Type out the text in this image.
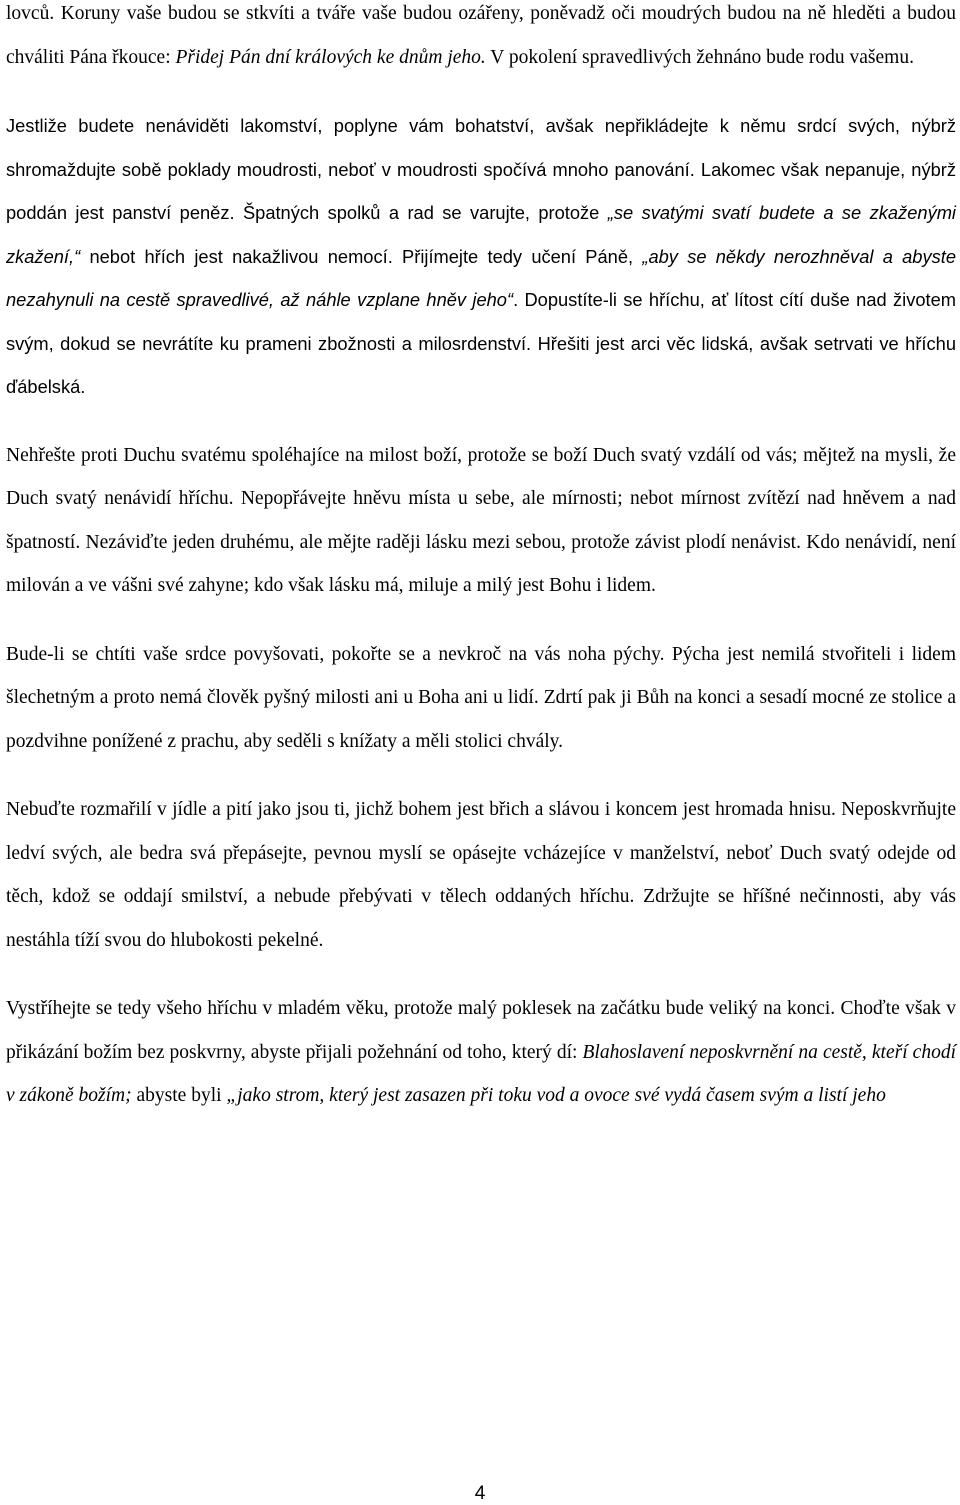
lovců. Koruny vaše budou se stkvíti a tváře vaše budou ozářeny, poněvadž oči moudrých budou na ně hleděti a budou chváliti Pána řkouce: Přidej Pán dní králových ke dnům jeho. V pokolení spravedlivých žehnáno bude rodu vašemu.

Jestliže budete nenáviděti lakomství, poplyne vám bohatství, avšak nepřikládejte k němu srdcí svých, nýbrž shromaždujte sobě poklady moudrosti, neboť v moudrosti spočívá mnoho panování. Lakomec však nepanuje, nýbrž poddán jest panství peněz. Špatných spolků a rad se varujte, protože „se svatými svatí budete a se zkaženými zkažení,“ nebot hřích jest nakažlivou nemocí. Přijímejte tedy učení Páně, „aby se někdy nerozhněval a abyste nezahynuli na cestě spravedlivé, až náhle vzplane hněv jeho“. Dopustíte-li se hříchu, ať lítost cítí duše nad životem svým, dokud se nevrátíte ku prameni zbožnosti a milosrdenství. Hřešiti jest arci věc lidská, avšak setrvati ve hříchu ďábelská.

Nehřešte proti Duchu svatému spoléhajíce na milost boží, protože se boží Duch svatý vzdálí od vás; mějtež na mysli, že Duch svatý nenávidí hříchu. Nepopřávejte hněvu místa u sebe, ale mírnosti; nebot mírnost zvítězí nad hněvem a nad špatností. Nezáviďte jeden druhému, ale mějte raději lásku mezi sebou, protože závist plodí nenávist. Kdo nenávidí, není milován a ve vášni své zahyne; kdo však lásku má, miluje a milý jest Bohu i lidem.

Bude-li se chtíti vaše srdce povyšovati, pokořte se a nevkroč na vás noha pýchy. Pýcha jest nemilá stvořiteli i lidem šlechetným a proto nemá člověk pyšný milosti ani u Boha ani u lidí. Zdrtí pak ji Bůh na konci a sesadí mocné ze stolice a pozdvihne ponížené z prachu, aby seděli s knížaty a měli stolici chvály.

Nebuďte rozmařilí v jídle a pití jako jsou ti, jichž bohem jest břich a slávou i koncem jest hromada hnisu. Neposkvrňujte ledví svých, ale bedra svá přepásejte, pevnou myslí se opásejte vcházejíce v manželství, neboť Duch svatý odejde od těch, kdož se oddají smilství, a nebude přebývati v tělech oddaných hříchu. Zdržujte se hříšné nečinnosti, aby vás nestáhla tíží svou do hlubokosti pekelné.

Vystříhejte se tedy všeho hříchu v mladém věku, protože malý poklesek na začátku bude veliký na konci. Choďte však v přikázání božím bez poskvrny, abyste přijali požehnání od toho, který dí: Blahoslavení neposkvrnění na cestě, kteří chodí v zákoně božím; abyste byli „jako strom, který jest zasazen při toku vod a ovoce své vydá časem svým a listí jeho

4
